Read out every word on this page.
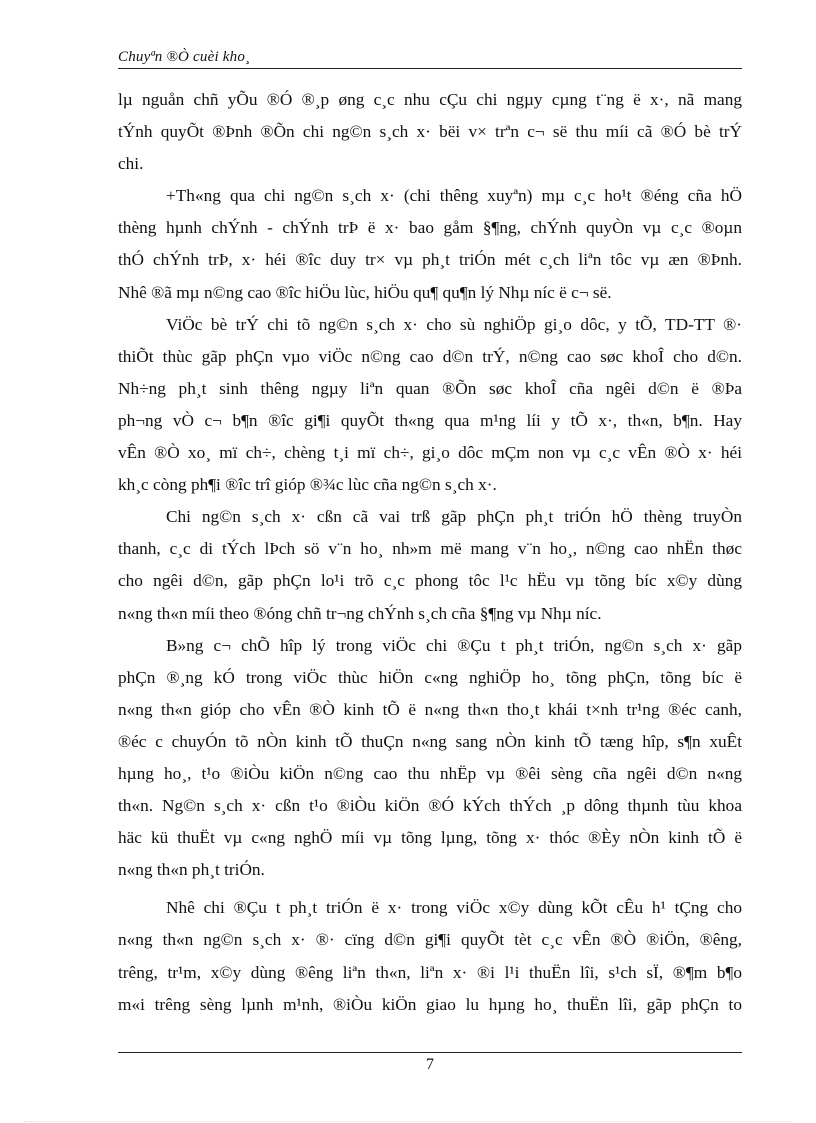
Chuyªn ®Ò cuèi kho¸
lµ nguån chñ yÕu ®Ó ®¸p øng c¸c nhu cÇu chi ngµy cµng t¨ng ë x·, nã mang
tÝnh quyÕt ®Þnh ®Õn chi ng©n s¸ch x· bëi v× trªn c¬ së thu míi cã ®Ó bè trÝ
chi.
+Th«ng qua chi ng©n s¸ch x· (chi thêng xuyªn) mµ c¸c ho¹t ®éng cña hÖ
thèng hµnh chÝnh - chÝnh trÞ ë x· bao gåm §¶ng, chÝnh quyÒn vµ c¸c ®oµn
thÓ chÝnh trÞ, x· héi ®îc duy tr× vµ ph¸t triÓn mét c¸ch liªn tôc vµ æn ®Þnh.
Nhê ®ã mµ n©ng cao ®îc hiÖu lùc, hiÖu qu¶ qu¶n lý Nhµ níc ë c¬ së.
ViÖc bè trÝ chi tõ ng©n s¸ch x· cho sù nghiÖp gi¸o dôc, y tÕ, TD-TT ®·
thiÕt thùc gãp phÇn vµo viÖc n©ng cao d©n trÝ, n©ng cao søc khoÎ cho d©n.
Nh÷ng ph¸t sinh thêng ngµy liªn quan ®Õn søc khoÎ cña ngêi d©n ë ®Þa
ph¬ng vÒ c¬ b¶n ®îc gi¶i quyÕt th«ng qua m¹ng líi y tÕ x·, th«n, b¶n. Hay
vÊn ®Ò xo¸ mï ch÷, chèng t¸i mï ch÷, gi¸o dôc mÇm non vµ c¸c vÊn ®Ò x· héi
kh¸c còng ph¶i ®îc trî gióp ®¾c lùc cña ng©n s¸ch x·.
Chi ng©n s¸ch x· cßn cã vai trß gãp phÇn ph¸t triÓn hÖ thèng truyÒn
thanh, c¸c di tÝch lÞch sö v¨n ho¸ nh»m më mang v¨n ho¸, n©ng cao nhËn thøc
cho ngêi d©n, gãp phÇn lo¹i trõ c¸c phong tôc l¹c hËu vµ tõng bíc x©y dùng
n«ng th«n míi theo ®óng chñ tr¬ng chÝnh s¸ch cña §¶ng vµ Nhµ níc.
B»ng c¬ chÕ hîp lý trong viÖc chi ®Çu t ph¸t triÓn, ng©n s¸ch x· gãp
phÇn ®¸ng kÓ trong viÖc thùc hiÖn c«ng nghiÖp ho¸ tõng phÇn, tõng bíc ë
n«ng th«n gióp cho vÊn ®Ò kinh tÕ ë n«ng th«n tho¸t khái t×nh tr¹ng ®éc canh,
®éc c chuyÓn tõ nÒn kinh tÕ thuÇn n«ng sang nÒn kinh tÕ tæng hîp, s¶n xuÊt
hµng ho¸, t¹o ®iÒu kiÖn n©ng cao thu nhËp vµ ®êi sèng cña ngêi d©n n«ng
th«n. Ng©n s¸ch x· cßn t¹o ®iÒu kiÖn ®Ó kÝch thÝch ¸p dông thµnh tùu khoa
häc kü thuËt vµ c«ng nghÖ míi vµ tõng lµng, tõng x· thóc ®Èy nÒn kinh tÕ ë
n«ng th«n ph¸t triÓn.
Nhê chi ®Çu t ph¸t triÓn ë x· trong viÖc x©y dùng kÕt cÊu h¹ tÇng cho
n«ng th«n ng©n s¸ch x· ®· cïng d©n gi¶i quyÕt tèt c¸c vÊn ®Ò ®iÖn, ®êng,
trêng, tr¹m, x©y dùng ®êng liªn th«n, liªn x· ®i l¹i thuËn lîi, s¹ch sÏ, ®¶m b¶o
m«i trêng sèng lµnh m¹nh, ®iÒu kiÖn giao lu hµng ho¸ thuËn lîi, gãp phÇn to
7
